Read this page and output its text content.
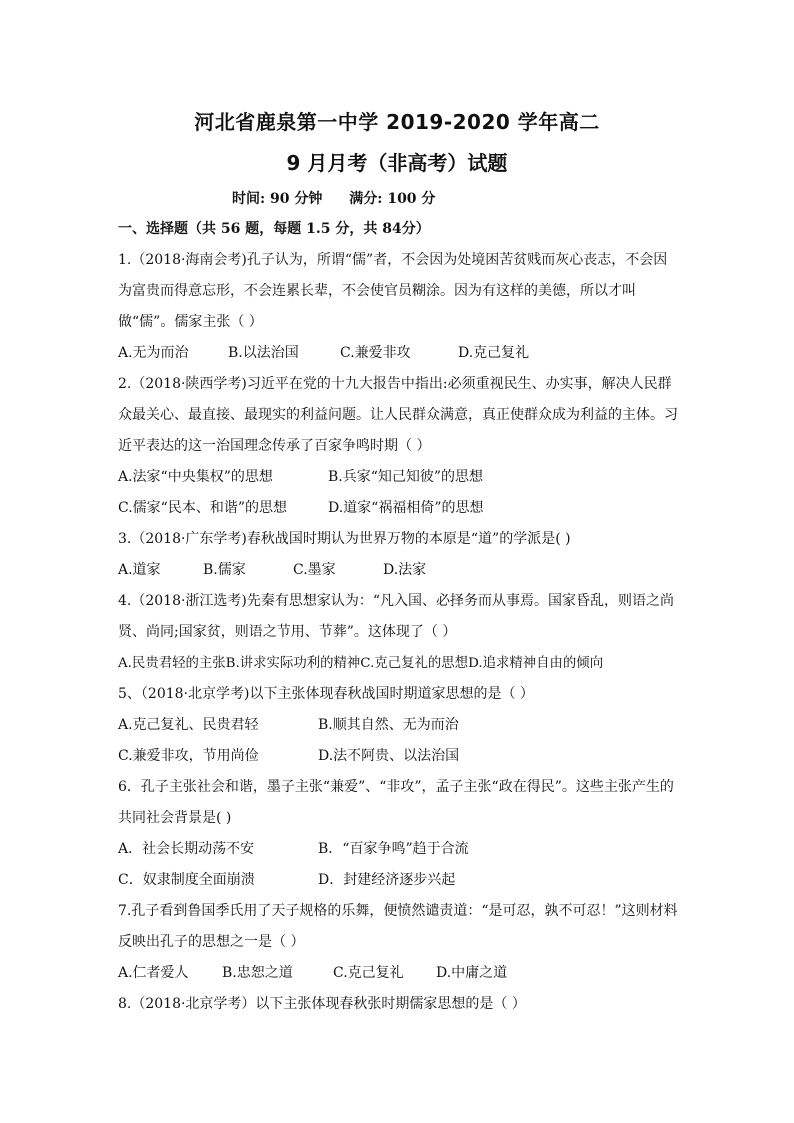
河北省鹿泉第一中学 2019-2020 学年高二
9 月月考（非高考）试题
时间: 90 分钟 满分: 100 分
一、选择题（共 56 题，每题 1.5 分，共 84分）

1.（2018·海南会考)孔子认为，所谓“儒”者，不会因为处境困苦贫贱而灰心丧志，不会因为富贵而得意忘形，不会连累长辈，不会使官员糊涂。因为有这样的美德，所以才叫做“儒”。儒家主张（ ）

A.无为而治	B.以法治国	C.兼爱非攻	D.克己复礼

2.（2018·陕西学考)习近平在党的十九大报告中指出:必须重视民生、办实事，解决人民群众最关心、最直接、最现实的利益问题。让人民群众满意，真正使群众成为利益的主体。习近平表达的这一治国理念传承了百家争鸣时期（ ）

A.法家“中央集权”的思想	B.兵家“知己知彼”的思想
C.儒家“民本、和谐”的思想	D.道家“祸福相倚”的思想

3.（2018·广东学考)春秋战国时期认为世界万物的本原是“道”的学派是( )

A.道家	B.儒家	C.墨家	D.法家

4.（2018·浙江选考)先秦有思想家认为：“凡入国、必择务而从事焉。国家昏乱，则语之尚贤、尚同;国家贫，则语之节用、节葬”。这体现了（ ）

A.民贵君轻的主张 B.讲求实际功利的精神 C.克己复礼的思想 D.追求精神自由的倾向

5、（2018·北京学考)以下主张体现春秋战国时期道家思想的是（ ）

A.克己复礼、民贵君轻	B.顺其自然、无为而治
C.兼爱非攻，节用尚俭	D.法不阿贵、以法治国

6．孔子主张社会和谐，墨子主张“兼爱”、“非攻”，孟子主张“政在得民”。这些主张产生的共同社会背景是( )

A．社会长期动荡不安	B．“百家争鸣”趋于合流
C．奴隶制度全面崩溃	D．封建经济逐步兴起

7.孔子看到鲁国季氏用了天子规格的乐舞，便愤然谴责道：“是可忍，孰不可忍！”这则材料反映出孔子的思想之一是（ ）

A.仁者爱人	B.忠恕之道	C.克己复礼	D.中庸之道

8.（2018·北京学考）以下主张体现春秋张时期儒家思想的是（ ）
